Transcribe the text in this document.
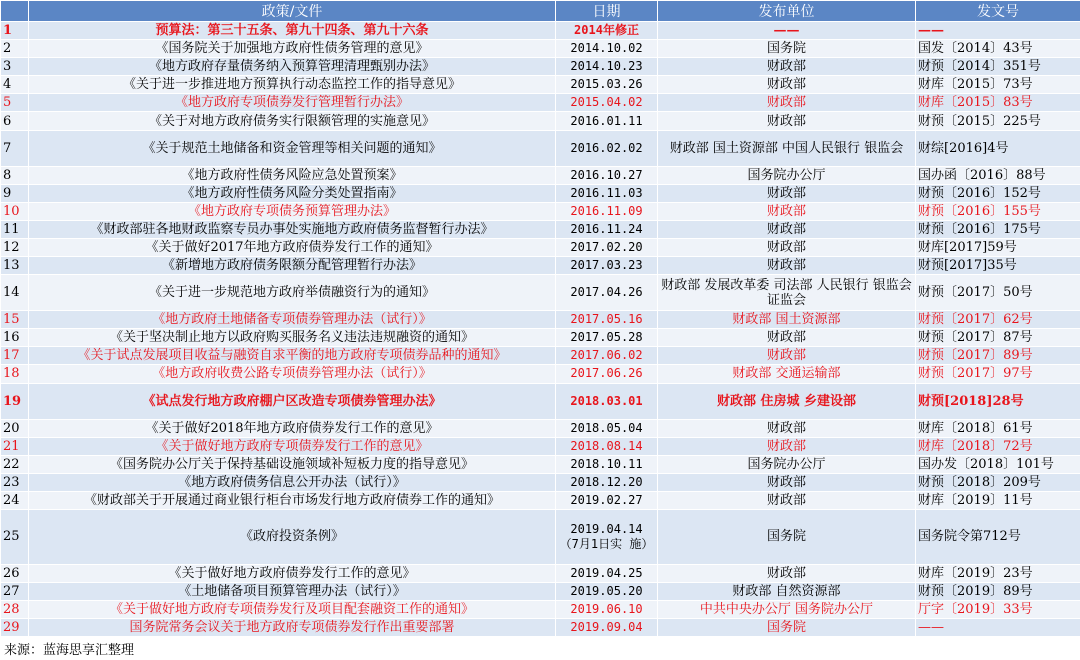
	政策/文件	日期	发布单位	发文号
1	预算法：第三十五条、第九十四条、第九十六条	2014年修正	——	——
2	《国务院关于加强地方政府性债务管理的意见》	2014.10.02	国务院	国发〔2014〕43号
3	《地方政府存量债务纳入预算管理清理甄别办法》	2014.10.23	财政部	财预〔2014〕351号
4	《关于进一步推进地方预算执行动态监控工作的指导意见》	2015.03.26	财政部	财库〔2015〕73号
5	《地方政府专项债券发行管理暂行办法》	2015.04.02	财政部	财库〔2015〕83号
6	《关于对地方政府债务实行限额管理的实施意见》	2016.01.11	财政部	财预〔2015〕225号
7	《关于规范土地储备和资金管理等相关问题的通知》	2016.02.02	财政部 国土资源部 中国人民银行 银监会	财综[2016]4号
8	《地方政府性债务风险应急处置预案》	2016.10.27	国务院办公厅	国办函〔2016〕88号
9	《地方政府性债务风险分类处置指南》	2016.11.03	财政部	财预〔2016〕152号
10	《地方政府专项债务预算管理办法》	2016.11.09	财政部	财预〔2016〕155号
11	《财政部驻各地财政监察专员办事处实施地方政府债务监督暂行办法》	2016.11.24	财政部	财预〔2016〕175号
12	《关于做好2017年地方政府债券发行工作的通知》	2017.02.20	财政部	财库[2017]59号
13	《新增地方政府债务限额分配管理暂行办法》	2017.03.23	财政部	财预[2017]35号
14	《关于进一步规范地方政府举债融资行为的通知》	2017.04.26	财政部 发展改革委 司法部 人民银行 银监会 证监会	财预〔2017〕50号
15	《地方政府土地储备专项债券管理办法（试行）》	2017.05.16	财政部 国土资源部	财预〔2017〕62号
16	《关于坚决制止地方以政府购买服务名义违法违规融资的通知》	2017.05.28	财政部	财预〔2017〕87号
17	《关于试点发展项目收益与融资自求平衡的地方政府专项债券品种的通知》	2017.06.02	财政部	财预〔2017〕89号
18	《地方政府收费公路专项债券管理办法（试行）》	2017.06.26	财政部 交通运输部	财预〔2017〕97号
19	《试点发行地方政府棚户区改造专项债券管理办法》	2018.03.01	财政部 住房城 乡建设部	财预[2018]28号
20	《关于做好2018年地方政府债券发行工作的意见》	2018.05.04	财政部	财库〔2018〕61号
21	《关于做好地方政府专项债券发行工作的意见》	2018.08.14	财政部	财库〔2018〕72号
22	《国务院办公厅关于保持基础设施领域补短板力度的指导意见》	2018.10.11	国务院办公厅	国办发〔2018〕101号
23	《地方政府债务信息公开办法（试行）》	2018.12.20	财政部	财预〔2018〕209号
24	《财政部关于开展通过商业银行柜台市场发行地方政府债券工作的通知》	2019.02.27	财政部	财库〔2019〕11号
25	《政府投资条例》	2019.04.14 （7月1日实 施）	国务院	国务院令第712号
26	《关于做好地方政府债券发行工作的意见》	2019.04.25	财政部	财库〔2019〕23号
27	《土地储备项目预算管理办法（试行）》	2019.05.20	财政部 自然资源部	财预〔2019〕89号
28	《关于做好地方政府专项债券发行及项目配套融资工作的通知》	2019.06.10	中共中央办公厅 国务院办公厅	厅字〔2019〕33号
29	国务院常务会议关于地方政府专项债券发行作出重要部署	2019.09.04	国务院	——
来源：蓝海思享汇整理
